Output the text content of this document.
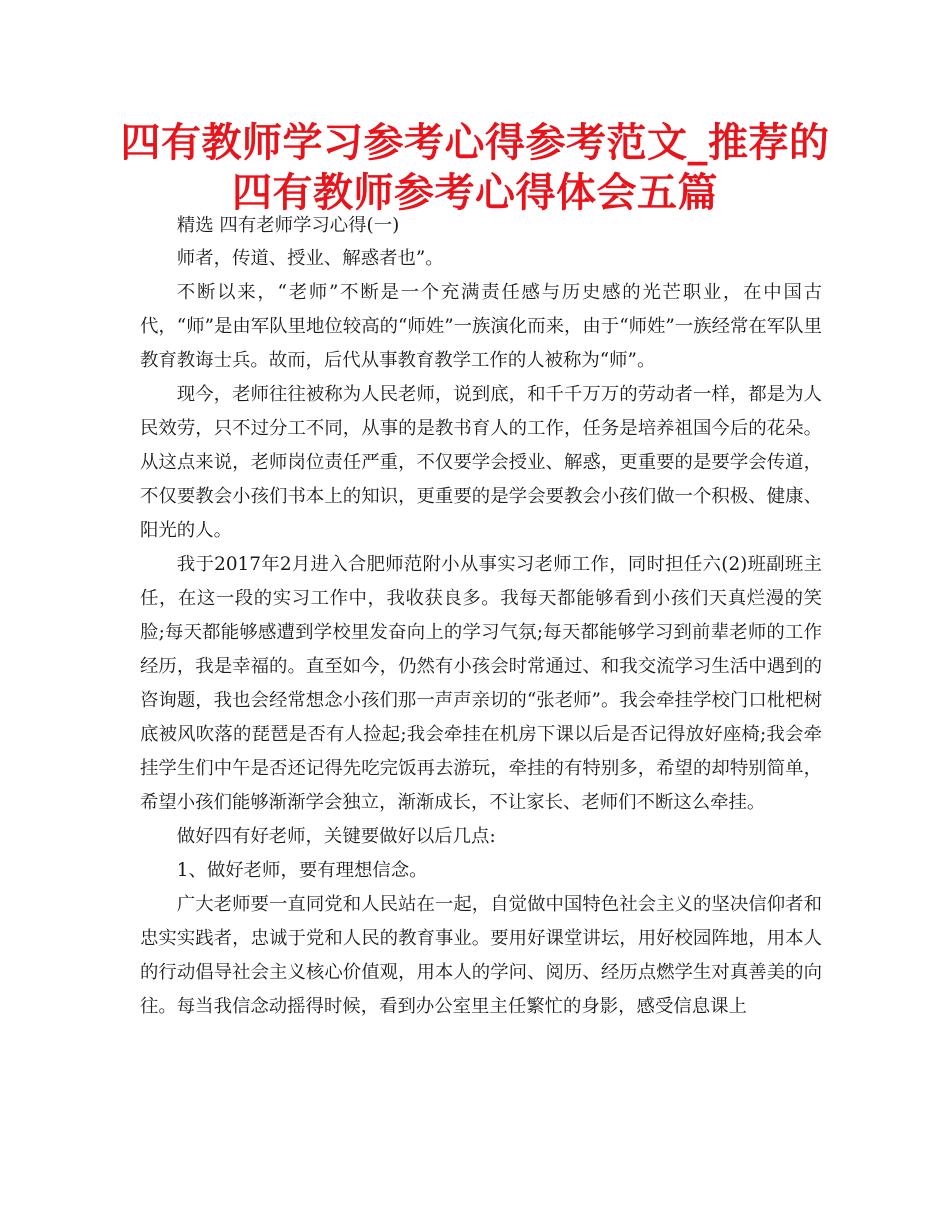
四有教师学习参考心得参考范文_推荐的四有教师参考心得体会五篇

精选 四有老师学习心得(一)

师者，传道、授业、解惑者也”。

不断以来，“老师”不断是一个充满责任感与历史感的光芒职业，在中国古代，“师”是由军队里地位较高的“师姓”一族演化而来，由于“师姓”一族经常在军队里教育教诲士兵。故而，后代从事教育教学工作的人被称为“师”。

现今，老师往往被称为人民老师，说到底，和千千万万的劳动者一样，都是为人民效劳，只不过分工不同，从事的是教书育人的工作，任务是培养祖国今后的花朵。从这点来说，老师岗位责任严重，不仅要学会授业、解惑，更重要的是要学会传道，不仅要教会小孩们书本上的知识，更重要的是学会要教会小孩们做一个积极、健康、阳光的人。

我于2017年2月进入合肥师范附小从事实习老师工作，同时担任六(2)班副班主任，在这一段的实习工作中，我收获良多。我每天都能够看到小孩们天真烂漫的笑脸;每天都能够感遭到学校里发奋向上的学习气氛;每天都能够学习到前辈老师的工作经历，我是幸福的。直至如今，仍然有小孩会时常通过、和我交流学习生活中遇到的咨询题，我也会经常想念小孩们那一声声亲切的“张老师”。我会牵挂学校门口枇杷树底被风吹落的琵琶是否有人捡起;我会牵挂在机房下课以后是否记得放好座椅;我会牵挂学生们中午是否还记得先吃完饭再去游玩，牵挂的有特别多，希望的却特别简单，希望小孩们能够渐渐学会独立，渐渐成长，不让家长、老师们不断这么牵挂。

做好四有好老师，关键要做好以后几点:

1、做好老师，要有理想信念。

广大老师要一直同党和人民站在一起，自觉做中国特色社会主义的坚决信仰者和忠实实践者，忠诚于党和人民的教育事业。要用好课堂讲坛，用好校园阵地，用本人的行动倡导社会主义核心价值观，用本人的学问、阅历、经历点燃学生对真善美的向往。每当我信念动摇得时候，看到办公室里主任繁忙的身影，感受信息课上
